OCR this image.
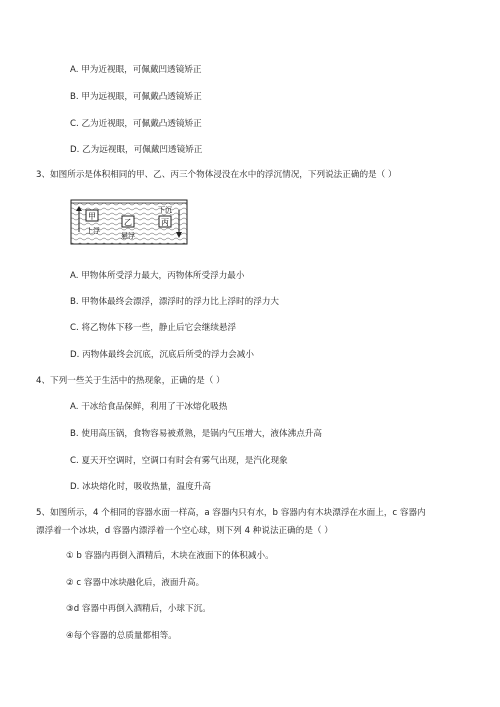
A. 甲为近视眼，可佩戴凹透镜矫正
B. 甲为远视眼，可佩戴凸透镜矫正
C. 乙为近视眼，可佩戴凸透镜矫正
D. 乙为远视眼，可佩戴凹透镜矫正
3、如图所示是体积相同的甲、乙、丙三个物体浸没在水中的浮沉情况，下列说法正确的是（ ）
甲
上浮
乙
悬浮
下沉
丙
A. 甲物体所受浮力最大，丙物体所受浮力最小
B. 甲物体最终会漂浮，漂浮时的浮力比上浮时的浮力大
C. 将乙物体下移一些，静止后它会继续悬浮
D. 丙物体最终会沉底，沉底后所受的浮力会减小
4、下列一些关于生活中的热现象，正确的是（ ）
A. 干冰给食品保鲜，利用了干冰熔化吸热
B. 使用高压锅，食物容易被煮熟，是锅内气压增大，液体沸点升高
C. 夏天开空调时，空调口有时会有雾气出现，是汽化现象
D. 冰块熔化时，吸收热量，温度升高
5、如图所示，4 个相同的容器水面一样高，a 容器内只有水，b 容器内有木块漂浮在水面上，c 容器内
漂浮着一个冰块，d 容器内漂浮着一个空心球，则下列 4 种说法正确的是（ ）
① b 容器内再倒入酒精后，木块在液面下的体积减小。
② c 容器中冰块融化后，液面升高。
③d 容器中再倒入酒精后，小球下沉。
④每个容器的总质量都相等。
